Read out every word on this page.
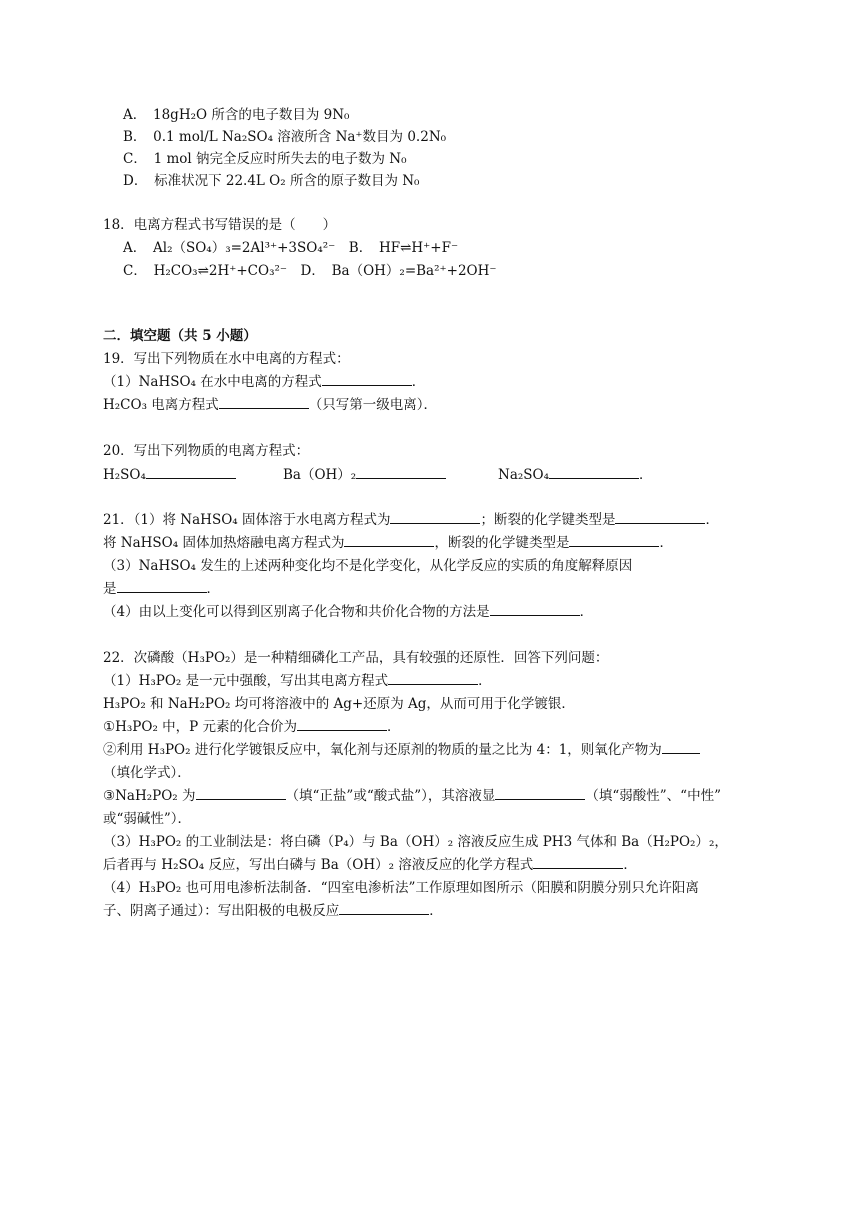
A．　18gH₂O 所含的电子数目为 9N₀
B．　0.1 mol/L Na₂SO₄ 溶液所含 Na⁺数目为 0.2N₀
C．　1 mol 钠完全反应时所失去的电子数为 N₀
D．　标准状况下 22.4L O₂ 所含的原子数目为 N₀
18．电离方程式书写错误的是（　　）
A．　Al₂（SO₄）₃=2Al³⁺+3SO₄²⁻　B．　HF⇌H⁺+F⁻
C．　H₂CO₃⇌2H⁺+CO₃²⁻　D．　Ba（OH）₂=Ba²⁺+2OH⁻
二．填空题（共 5 小题）
19．写出下列物质在水中电离的方程式：
（1）NaHSO₄ 在水中电离的方程式	．
H₂CO₃ 电离方程式	（只写第一级电离）．
20．写出下列物质的电离方程式：
H₂SO₄	Ba（OH）₂	Na₂SO₄	．
21．（1）将 NaHSO₄ 固体溶于水电离方程式为	；断裂的化学键类型是	．
将 NaHSO₄ 固体加热熔融电离方程式为	，断裂的化学键类型是	．
（3）NaHSO₄ 发生的上述两种变化均不是化学变化，从化学反应的实质的角度解释原因
是	．
（4）由以上变化可以得到区别离子化合物和共价化合物的方法是	．
22．次磷酸（H₃PO₂）是一种精细磷化工产品，具有较强的还原性．回答下列问题：
（1）H₃PO₂ 是一元中强酸，写出其电离方程式	．
H₃PO₂ 和 NaH₂PO₂ 均可将溶液中的 Ag+还原为 Ag，从而可用于化学镀银．
①H₃PO₂ 中，P 元素的化合价为	．
②利用 H₃PO₂ 进行化学镀银反应中，氧化剂与还原剂的物质的量之比为 4：1，则氧化产物为
（填化学式）．
③NaH₂PO₂ 为	（填“正盐”或“酸式盐”），其溶液显	（填“弱酸性”、“中性”
或“弱碱性”）．
（3）H₃PO₂ 的工业制法是：将白磷（P₄）与 Ba（OH）₂ 溶液反应生成 PH3 气体和 Ba（H₂PO₂）₂，
后者再与 H₂SO₄ 反应，写出白磷与 Ba（OH）₂ 溶液反应的化学方程式	．
（4）H₃PO₂ 也可用电渗析法制备．“四室电渗析法”工作原理如图所示（阳膜和阴膜分别只允许阳离
子、阴离子通过）：写出阳极的电极反应	．
